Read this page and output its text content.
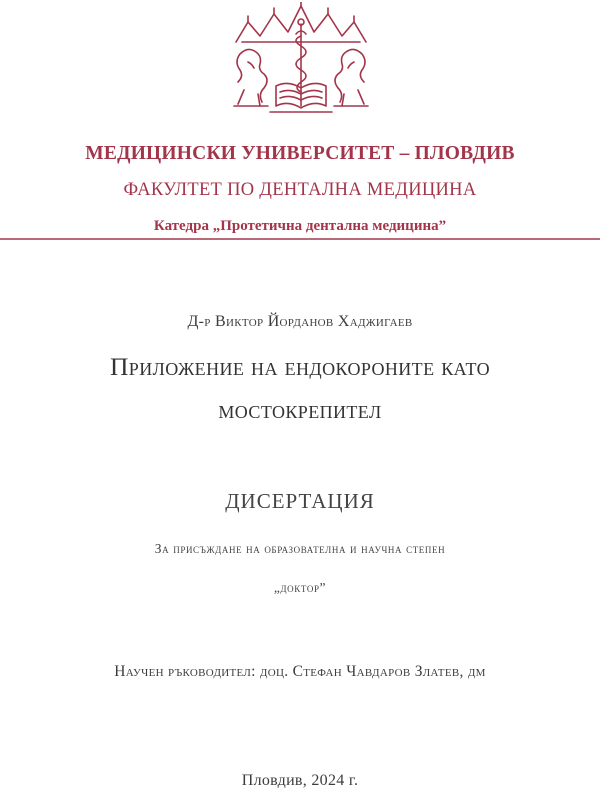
МЕДИЦИНСКИ УНИВЕРСИТЕТ – ПЛОВДИВ
ФАКУЛТЕТ ПО ДЕНТАЛНА МЕДИЦИНА
Катедра „Протетична дентална медицина”
Д-р Виктор Йорданов Хаджигаев
Приложение на ендокороните като
мостокрепител
ДИСЕРТАЦИЯ
За присъждане на образователна и научна степен
„доктор”
Научен ръководител: доц. Стефан Чавдаров Златев, дм
Пловдив, 2024 г.
